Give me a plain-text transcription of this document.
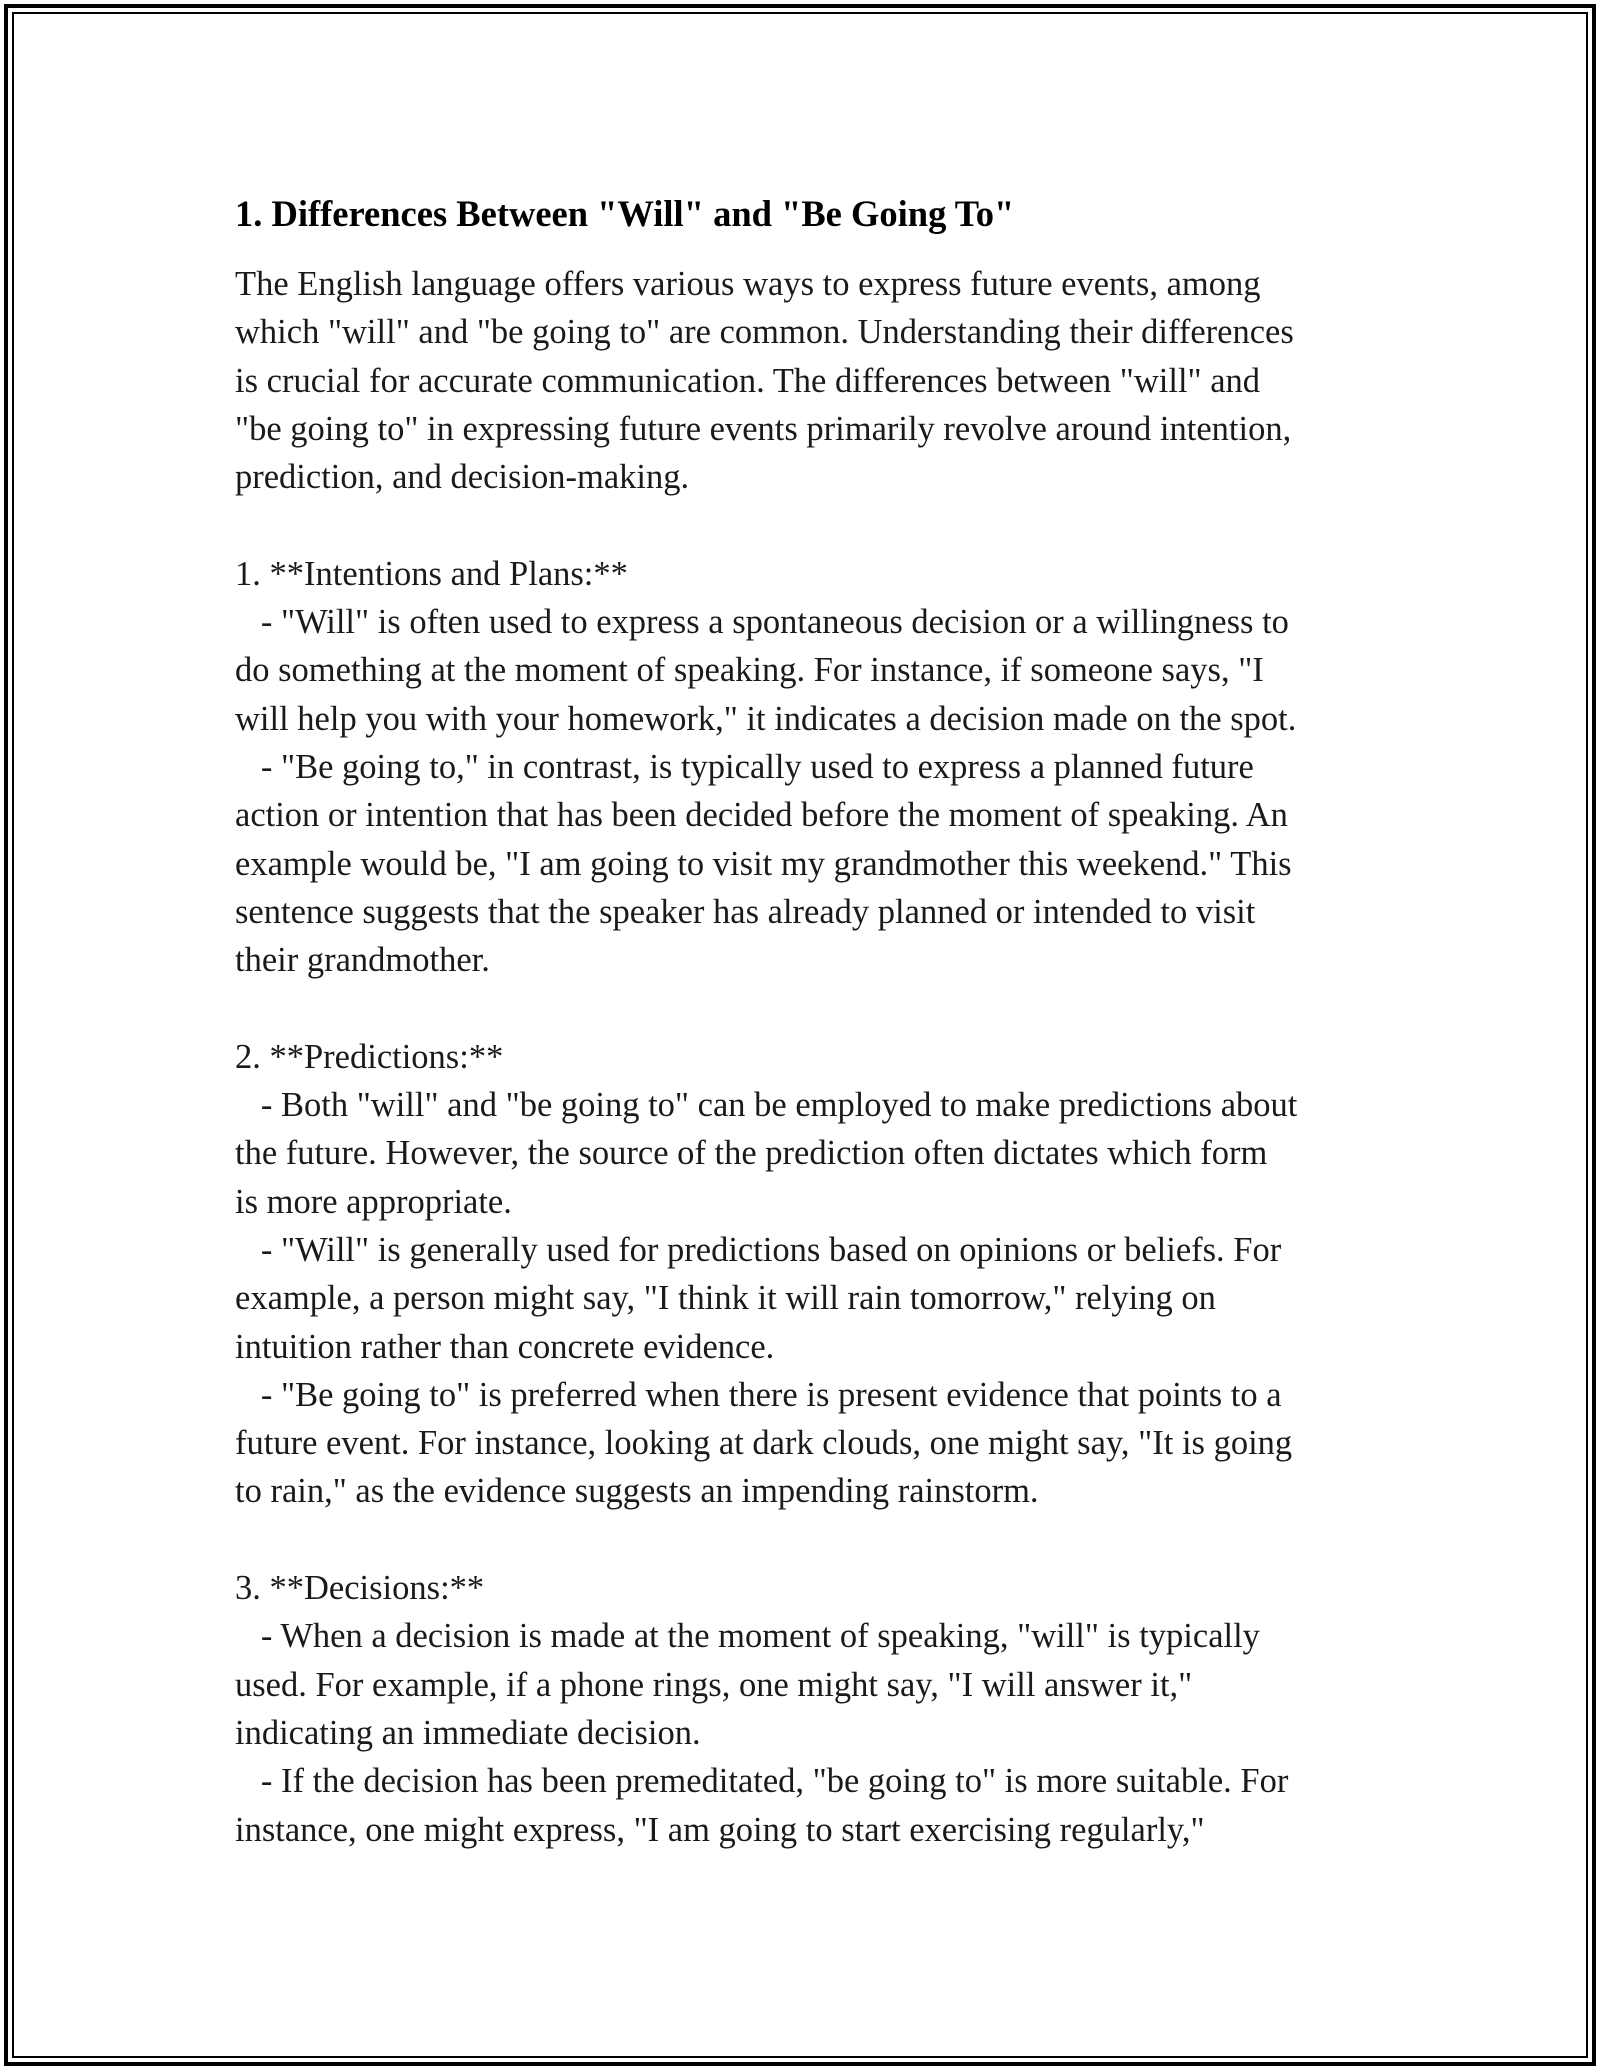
1. Differences Between "Will" and "Be Going To"
The English language offers various ways to express future events, among
which "will" and "be going to" are common. Understanding their differences
is crucial for accurate communication. The differences between "will" and
"be going to" in expressing future events primarily revolve around intention,
prediction, and decision-making.
1. **Intentions and Plans:**
- "Will" is often used to express a spontaneous decision or a willingness to
do something at the moment of speaking. For instance, if someone says, "I
will help you with your homework," it indicates a decision made on the spot.
- "Be going to," in contrast, is typically used to express a planned future
action or intention that has been decided before the moment of speaking. An
example would be, "I am going to visit my grandmother this weekend." This
sentence suggests that the speaker has already planned or intended to visit
their grandmother.
2. **Predictions:**
- Both "will" and "be going to" can be employed to make predictions about
the future. However, the source of the prediction often dictates which form
is more appropriate.
- "Will" is generally used for predictions based on opinions or beliefs. For
example, a person might say, "I think it will rain tomorrow," relying on
intuition rather than concrete evidence.
- "Be going to" is preferred when there is present evidence that points to a
future event. For instance, looking at dark clouds, one might say, "It is going
to rain," as the evidence suggests an impending rainstorm.
3. **Decisions:**
- When a decision is made at the moment of speaking, "will" is typically
used. For example, if a phone rings, one might say, "I will answer it,"
indicating an immediate decision.
- If the decision has been premeditated, "be going to" is more suitable. For
instance, one might express, "I am going to start exercising regularly,"
